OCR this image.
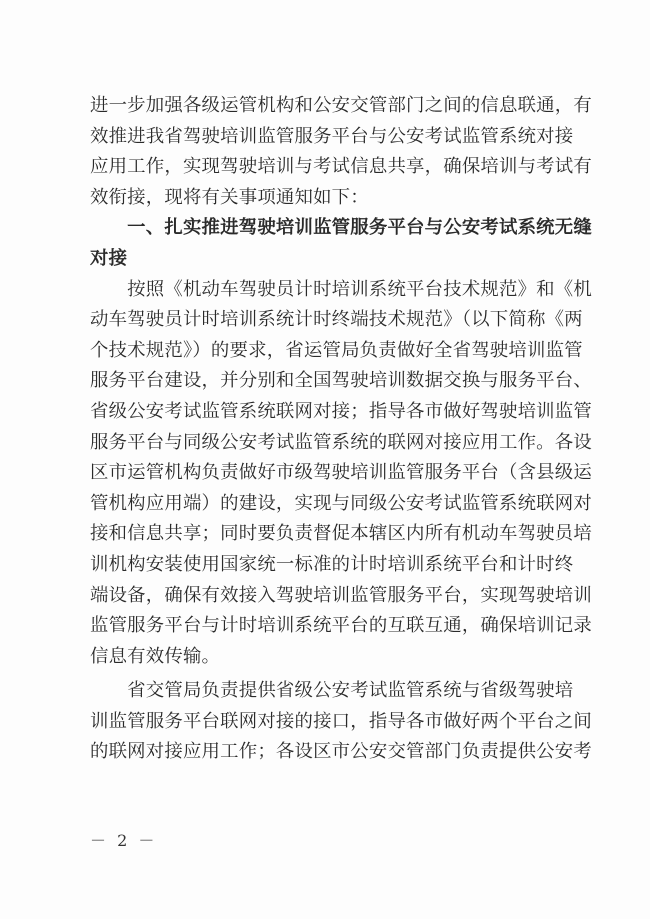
进一步加强各级运管机构和公安交管部门之间的信息联通，有
效推进我省驾驶培训监管服务平台与公安考试监管系统对接
应用工作，实现驾驶培训与考试信息共享，确保培训与考试有
效衔接，现将有关事项通知如下：
　　一、扎实推进驾驶培训监管服务平台与公安考试系统无缝
对接
　　按照《机动车驾驶员计时培训系统平台技术规范》和《机
动车驾驶员计时培训系统计时终端技术规范》（以下简称《两
个技术规范》）的要求，省运管局负责做好全省驾驶培训监管
服务平台建设，并分别和全国驾驶培训数据交换与服务平台、
省级公安考试监管系统联网对接；指导各市做好驾驶培训监管
服务平台与同级公安考试监管系统的联网对接应用工作。各设
区市运管机构负责做好市级驾驶培训监管服务平台（含县级运
管机构应用端）的建设，实现与同级公安考试监管系统联网对
接和信息共享；同时要负责督促本辖区内所有机动车驾驶员培
训机构安装使用国家统一标准的计时培训系统平台和计时终
端设备，确保有效接入驾驶培训监管服务平台，实现驾驶培训
监管服务平台与计时培训系统平台的互联互通，确保培训记录
信息有效传输。
　　省交管局负责提供省级公安考试监管系统与省级驾驶培
训监管服务平台联网对接的接口，指导各市做好两个平台之间
的联网对接应用工作；各设区市公安交管部门负责提供公安考
－ 2 －
